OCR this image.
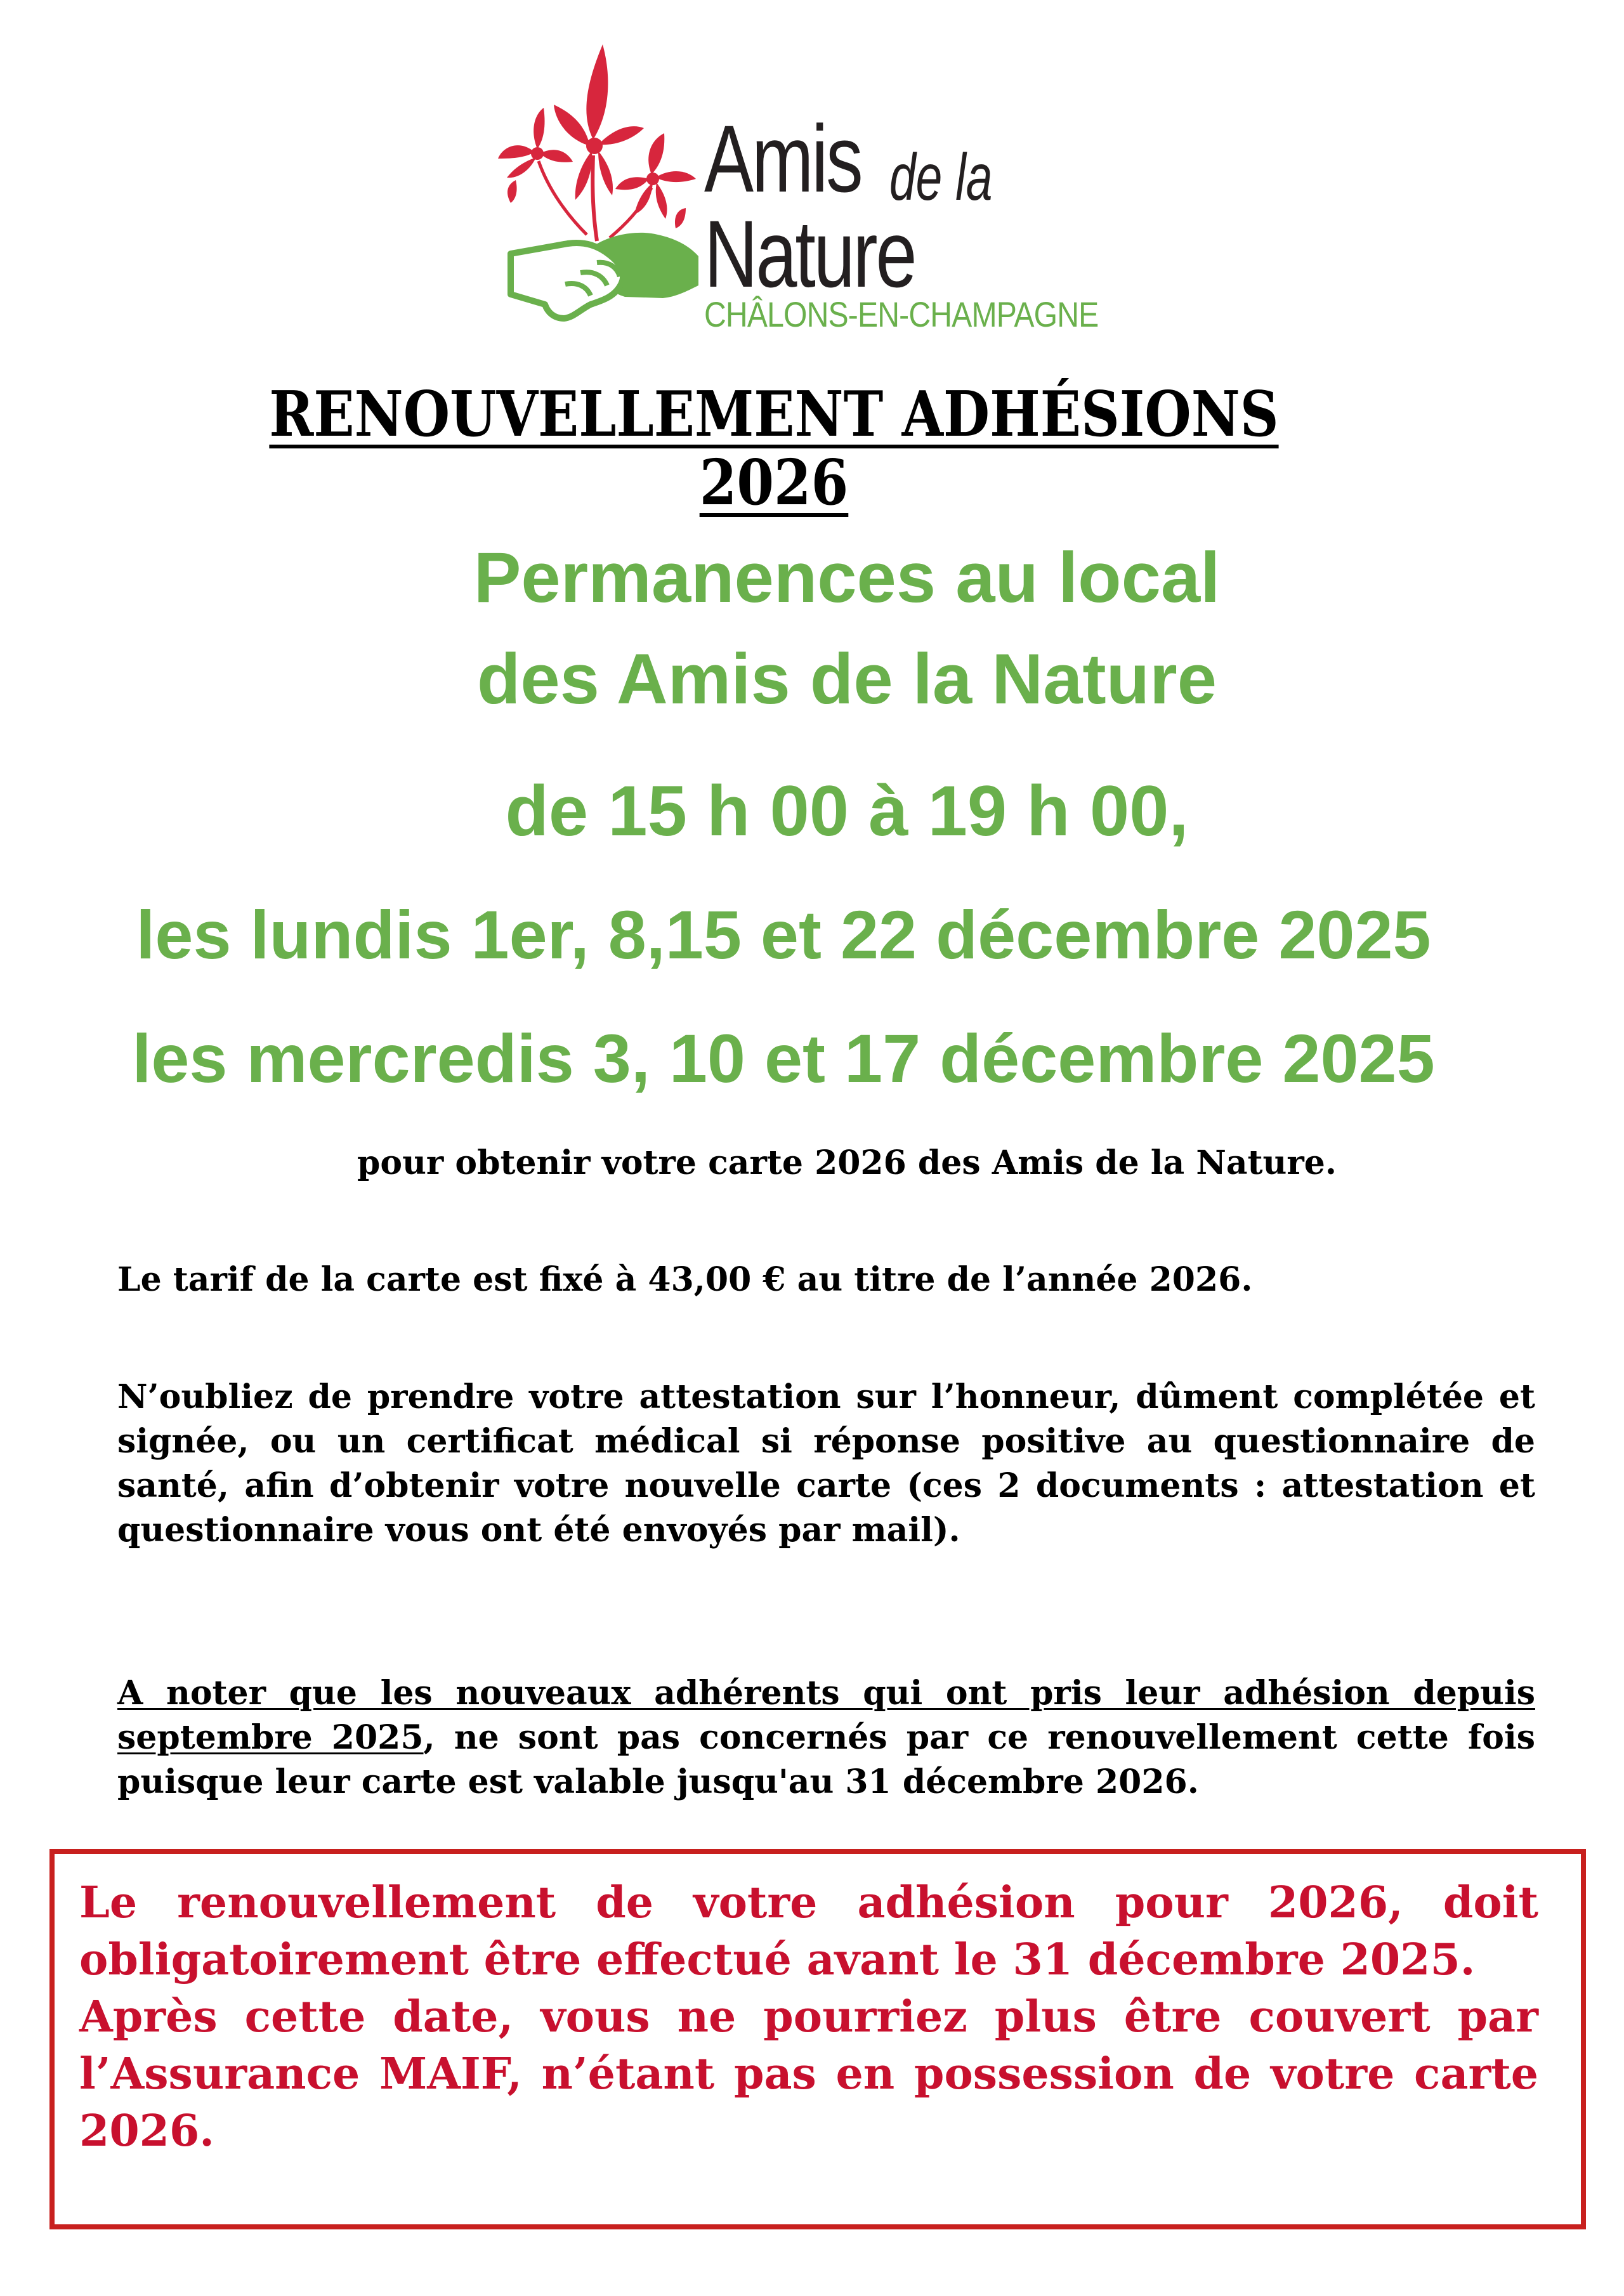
Amis de la
Nature
CHÂLONS-EN-CHAMPAGNE
RENOUVELLEMENT ADHÉSIONS 2026
Permanences au local
des Amis de la Nature
de 15 h 00 à 19 h 00,
les lundis 1er, 8,15 et 22 décembre 2025
les mercredis 3, 10 et 17 décembre 2025
pour obtenir votre carte 2026 des Amis de la Nature.
Le tarif de la carte est fixé à 43,00 € au titre de l’année 2026.
N’oubliez de prendre votre attestation sur l’honneur, dûment complétée et signée, ou un certificat médical si réponse positive au questionnaire de santé, afin d’obtenir votre nouvelle carte (ces 2 documents : attestation et questionnaire vous ont été envoyés par mail).
A noter que les nouveaux adhérents qui ont pris leur adhésion depuis septembre 2025, ne sont pas concernés par ce renouvellement cette fois puisque leur carte est valable jusqu'au 31 décembre 2026.

Le renouvellement de votre adhésion pour 2026, doit obligatoirement être effectué avant le 31 décembre 2025.

Après cette date, vous ne pourriez plus être couvert par l’Assurance MAIF, n’étant pas en possession de votre carte 2026.
